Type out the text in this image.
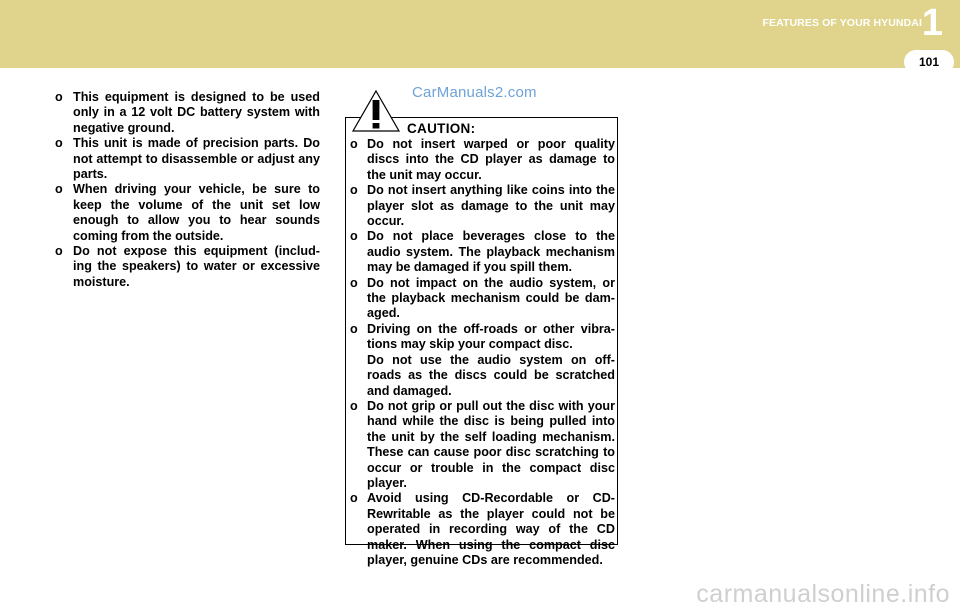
FEATURES OF YOUR HYUNDAI 1
101
CarManuals2.com
o This equipment is designed to be used only in a 12 volt DC battery system with negative ground.
o This unit is made of precision parts. Do not attempt to disassemble or adjust any parts.
o When driving your vehicle, be sure to keep the volume of the unit set low enough to allow you to hear sounds coming from the outside.
o Do not expose this equipment (includ-ing the speakers) to water or excessive moisture.
CAUTION:
o Do not insert warped or poor quality discs into the CD player as damage to the unit may occur.
o Do not insert anything like coins into the player slot as damage to the unit may occur.
o Do not place beverages close to the audio system. The playback mechanism may be damaged if you spill them.
o Do not impact on the audio system, or the playback mechanism could be dam-aged.
o Driving on the off-roads or other vibra-tions may skip your compact disc.
Do not use the audio system on off-roads as the discs could be scratched and damaged.
o Do not grip or pull out the disc with your hand while the disc is being pulled into the unit by the self loading mechanism. These can cause poor disc scratching to occur or trouble in the compact disc player.
o Avoid using CD-Recordable or CD-Rewritable as the player could not be operated in recording way of the CD maker. When using the compact disc player, genuine CDs are recommended.
carmanualsonline.info
